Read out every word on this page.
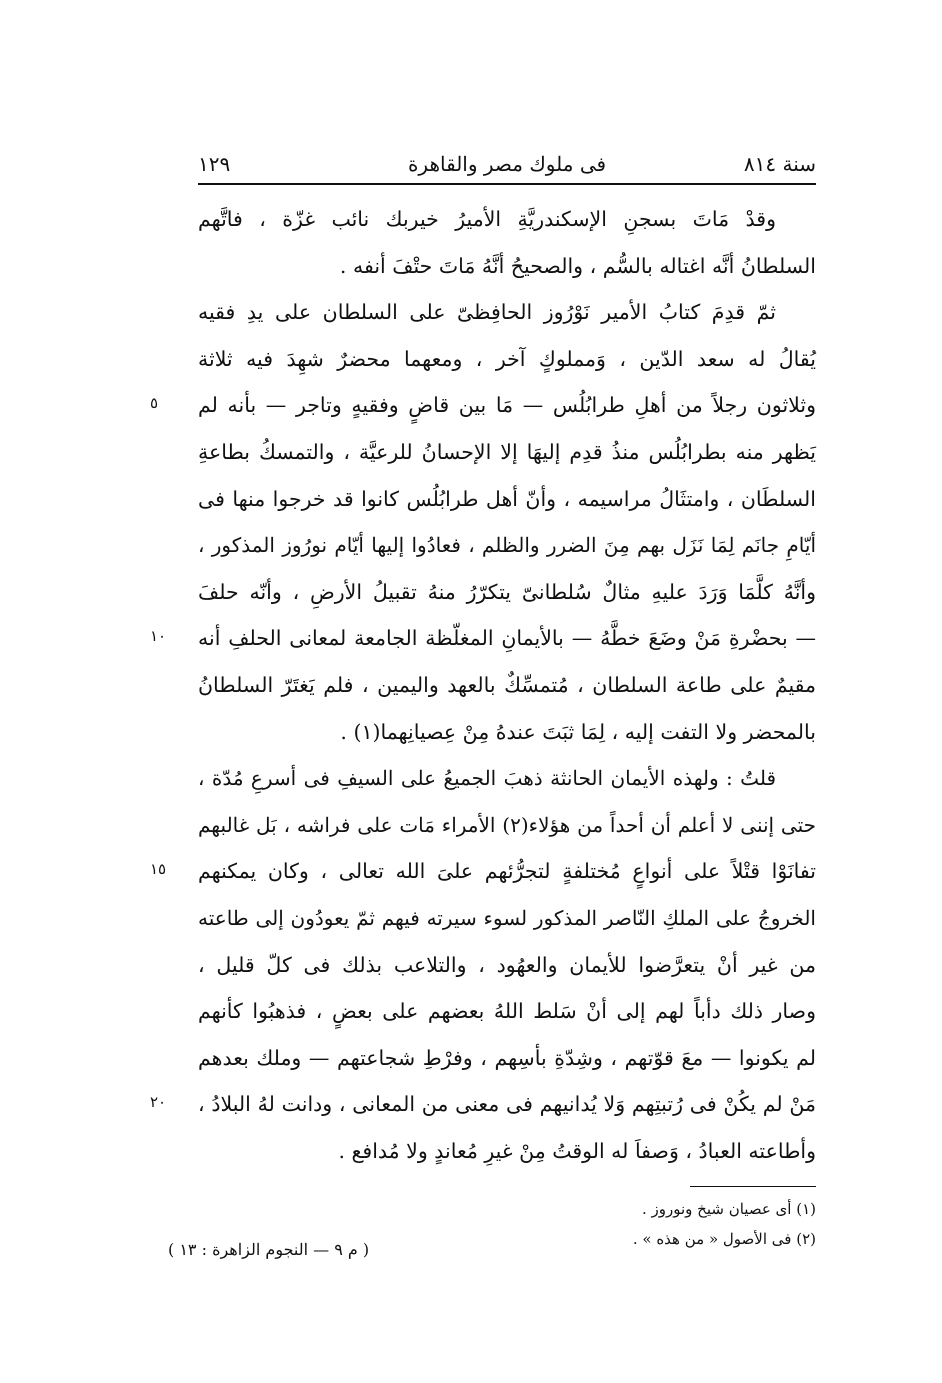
سنة ٨١٤
فى ملوك مصر والقاهرة
١٢٩
وقدْ مَاتَ بسجنِ الإسكندريَّةِ الأميرُ خيربك نائب غزّة ، فاتَّهم
السلطانُ أنَّه اغتاله بالسُّم ، والصحيحُ أنَّهُ مَاتَ حتْفَ أنفه .
ثمّ قدِمَ كتابُ الأمير نَوْرُوز الحافِظىّ على السلطان على يدِ فقيه
يُقالُ له سعد الدّين ، وَمملوكٍ آخر ، ومعهما محضرٌ شهِدَ فيه ثلاثة
وثلاثون رجلاً من أهلِ طرابُلُس — مَا بين قاضٍ وفقيهٍ وتاجر — بأنه لم
يَظهر منه بطرابُلُس منذُ قدِم إليهَا إلا الإحسانُ للرعيَّة ، والتمسكُ بطاعةِ
السلطَان ، وامتثَالُ مراسيمه ، وأنّ أهل طرابُلُس كانوا قد خرجوا منها فى
أيّامِ جانَم لِمَا نَزَل بهم مِنَ الضرر والظلم ، فعادُوا إليها أيّام نورُوز المذكور ،
وأنَّهُ كلَّمَا وَرَدَ عليهِ مثالٌ سُلطانىّ يتكرّرُ منهُ تقبيلُ الأرضِ ، وأنّه حلفَ
— بحضْرةِ مَنْ وضَعَ خطَّهُ — بالأيمانِ المغلّظة الجامعة لمعانى الحلفِ أنه
مقيمٌ على طاعة السلطان ، مُتمسِّكٌ بالعهد واليمين ، فلم يَغتَرّ السلطانُ
بالمحضر ولا التفت إليه ، لِمَا ثبَتَ عندهُ مِنْ عِصيانِهما(١) .
قلتُ : ولهذه الأيمان الحانثة ذهبَ الجميعُ على السيفِ فى أسرعِ مُدّة ،
حتى إننى لا أعلم أن أحداً من هؤلاء(٢) الأمراء مَات على فراشه ، بَل غالبهم
تفانَوْا قتْلاً على أنواعٍ مُختلفةٍ لتجرُّئهم علىَ الله تعالى ، وكان يمكنهم
الخروجُ على الملكِ النّاصر المذكور لسوء سيرته فيهم ثمّ يعودُون إلى طاعته
من غير أنْ يتعرَّضوا للأيمان والعهُود ، والتلاعب بذلك فى كلّ قليل ،
وصار ذلك دأباً لهم إلى أنْ سَلط اللهُ بعضهم على بعضٍ ، فذهبُوا كأنهم
لم يكونوا — معَ قوّتهم ، وشِدّةِ بأسِهم ، وفرْطِ شجاعتهم — وملك بعدهم
مَنْ لم يكُنْ فى رُتبتِهم وَلا يُدانيهم فى معنى من المعانى ، ودانت لهُ البلادُ ،
وأطاعته العبادُ ، وَصفاَ له الوقتُ مِنْ غيرِ مُعاندٍ ولا مُدافع .
٥
١٠
١٥
٢٠
(١) أى عصيان شيخ ونوروز .
(٢) فى الأصول « من هذه » .
( م ٩ — النجوم الزاهرة : ١٣ )
